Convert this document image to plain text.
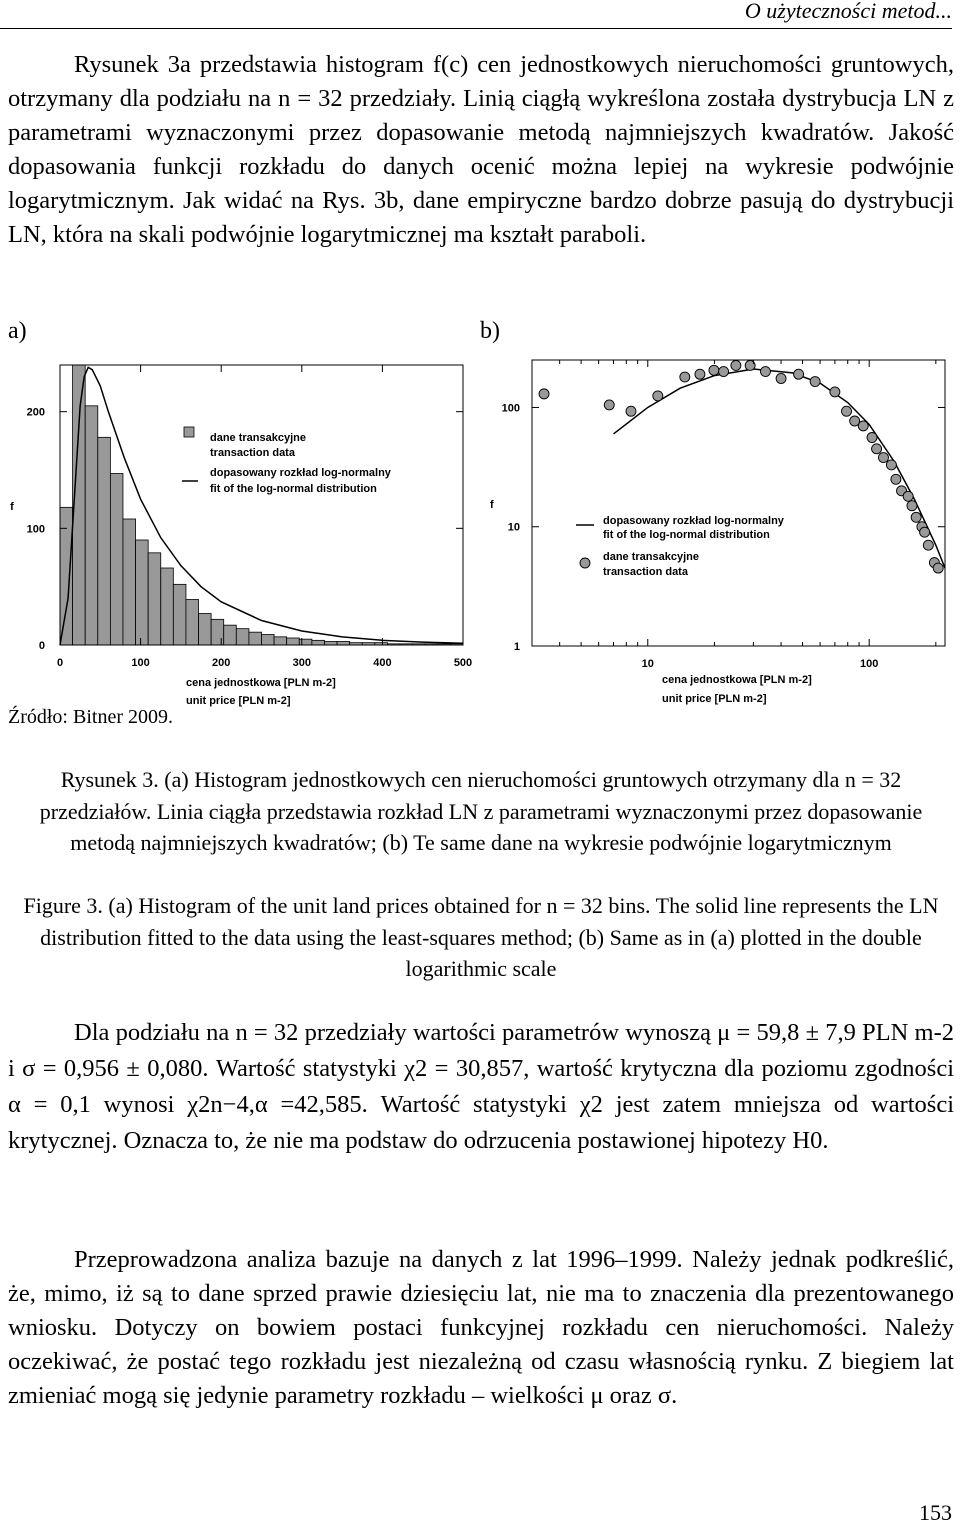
O użyteczności metod...
Rysunek 3a przedstawia histogram f(c) cen jednostkowych nieruchomości gruntowych, otrzymany dla podziału na n = 32 przedziały. Linią ciągłą wykreślona została dystrybucja LN z parametrami wyznaczonymi przez dopasowanie metodą najmniejszych kwadratów. Jakość dopasowania funkcji rozkładu do danych ocenić można lepiej na wykresie podwójnie logarytmicznym. Jak widać na Rys. 3b, dane empiryczne bardzo dobrze pasują do dystrybucji LN, która na skali podwójnie logarytmicznej ma kształt paraboli.
a)	b)
0	100	200	300	400	500
0
100
200
f
cena jednostkowa [PLN m-2]
unit price [PLN m-2]
dane transakcyjne
transaction data
dopasowany rozkład log-normalny
fit of the log-normal distribution
10	100
1
10
100
f
cena jednostkowa [PLN m-2]
unit price [PLN m-2]
dopasowany rozkład log-normalny
fit of the log-normal distribution
dane transakcyjne
transaction data
Źródło: Bitner 2009.
Rysunek 3. (a) Histogram jednostkowych cen nieruchomości gruntowych otrzymany dla n = 32 przedziałów. Linia ciągła przedstawia rozkład LN z parametrami wyznaczonymi przez dopasowanie metodą najmniejszych kwadratów; (b) Te same dane na wykresie podwójnie logarytmicznym
Figure 3. (a) Histogram of the unit land prices obtained for n = 32 bins. The solid line represents the LN distribution fitted to the data using the least-squares method; (b) Same as in (a) plotted in the double logarithmic scale
Dla podziału na n = 32 przedziały wartości parametrów wynoszą μ = 59,8 ± 7,9 PLN m-2 i σ = 0,956 ± 0,080. Wartość statystyki χ2 = 30,857, wartość krytyczna dla poziomu zgodności α = 0,1 wynosi χ2n−4,α =42,585. Wartość statystyki χ2 jest zatem mniejsza od wartości krytycznej. Oznacza to, że nie ma podstaw do odrzucenia postawionej hipotezy H0.
Przeprowadzona analiza bazuje na danych z lat 1996–1999. Należy jednak podkreślić, że, mimo, iż są to dane sprzed prawie dziesięciu lat, nie ma to znaczenia dla prezentowanego wniosku. Dotyczy on bowiem postaci funkcyjnej rozkładu cen nieruchomości. Należy oczekiwać, że postać tego rozkładu jest niezależną od czasu własnością rynku. Z biegiem lat zmieniać mogą się jedynie parametry rozkładu – wielkości μ oraz σ.
153
